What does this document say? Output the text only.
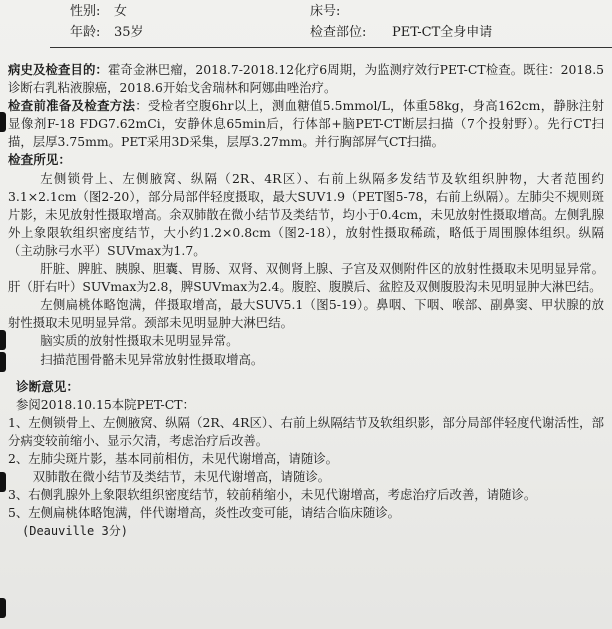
性别: 女
年龄: 35岁
床号:
检查部位: PET-CT全身申请

病史及检查目的：霍奇金淋巴瘤，2018.7-2018.12化疗6周期，为监测疗效行PET-CT检查。既往：2018.5诊断右乳粘液腺癌，2018.6开始戈舍瑞林和阿娜曲唑治疗。

检查前准备及检查方法：受检者空腹6hr以上，测血糖值5.5mmol/L，体重58kg，身高162cm，静脉注射显像剂F-18 FDG7.62mCi，安静休息65min后，行体部+脑PET-CT断层扫描（7个投射野）。先行CT扫描，层厚3.75mm。PET采用3D采集，层厚3.27mm。并行胸部屏气CT扫描。

检查所见：

左侧锁骨上、左侧腋窝、纵隔（2R、4R区）、右前上纵隔多发结节及软组织肿物，大者范围约3.1×2.1cm（图2-20），部分局部伴轻度摄取，最大SUV1.9（PET图5-78，右前上纵隔）。左肺尖不规则斑片影，未见放射性摄取增高。余双肺散在微小结节及类结节，均小于0.4cm，未见放射性摄取增高。左侧乳腺外上象限软组织密度结节，大小约1.2×0.8cm（图2-18），放射性摄取稀疏，略低于周围腺体组织。纵隔（主动脉弓水平）SUVmax为1.7。

肝脏、脾脏、胰腺、胆囊、胃肠、双肾、双侧肾上腺、子宫及双侧附件区的放射性摄取未见明显异常。肝（肝右叶）SUVmax为2.8，脾SUVmax为2.4。腹腔、腹膜后、盆腔及双侧腹股沟未见明显肿大淋巴结。

左侧扁桃体略饱满，伴摄取增高，最大SUV5.1（图5-19）。鼻咽、下咽、喉部、副鼻窦、甲状腺的放射性摄取未见明显异常。颈部未见明显肿大淋巴结。

脑实质的放射性摄取未见明显异常。

扫描范围骨骼未见异常放射性摄取增高。

诊断意见：

参阅2018.10.15本院PET-CT：

1、左侧锁骨上、左侧腋窝、纵隔（2R、4R区）、右前上纵隔结节及软组织影，部分局部伴轻度代谢活性，部分病变较前缩小、显示欠清，考虑治疗后改善。

2、左肺尖斑片影，基本同前相仿，未见代谢增高，请随诊。

双肺散在微小结节及类结节，未见代谢增高，请随诊。

3、右侧乳腺外上象限软组织密度结节，较前稍缩小，未见代谢增高，考虑治疗后改善，请随诊。

5、左侧扁桃体略饱满，伴代谢增高，炎性改变可能，请结合临床随诊。

(Deauville 3分)
